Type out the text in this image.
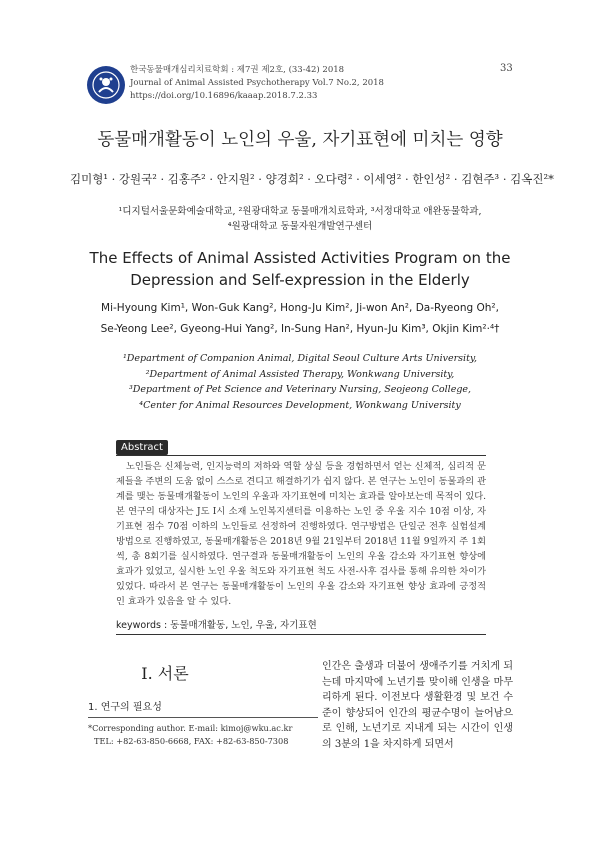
한국동물매개심리치료학회 : 제7권 제2호, (33-42) 2018
Journal of Animal Assisted Psychotherapy Vol.7 No.2, 2018
https://doi.org/10.16896/kaaap.2018.7.2.33
33
동물매개활동이 노인의 우울, 자기표현에 미치는 영향
김미형¹ · 강원국² · 김홍주² · 안지원² · 양경희² · 오다령² · 이세영² · 한인성² · 김현주³ · 김옥진²*
¹디지털서울문화예술대학교, ²원광대학교 동물매개치료학과, ³서정대학교 애완동물학과,
⁴원광대학교 동물자원개발연구센터
The Effects of Animal Assisted Activities Program on the
Depression and Self-expression in the Elderly
Mi-Hyoung Kim¹, Won-Guk Kang², Hong-Ju Kim², Ji-won An², Da-Ryeong Oh²,
Se-Yeong Lee², Gyeong-Hui Yang², In-Sung Han², Hyun-Ju Kim³, Okjin Kim²·⁴†
¹Department of Companion Animal, Digital Seoul Culture Arts University,
²Department of Animal Assisted Therapy, Wonkwang University,
³Department of Pet Science and Veterinary Nursing, Seojeong College,
⁴Center for Animal Resources Development, Wonkwang University
Abstract
노인들은 신체능력, 인지능력의 저하와 역할 상실 등을 경험하면서 얻는 신체적, 심리적 문제들을 주변의 도움 없이 스스로 견디고 해결하기가 쉽지 않다. 본 연구는 노인이 동물과의 관계를 맺는 동물매개활동이 노인의 우울과 자기표현에 미치는 효과를 알아보는데 목적이 있다. 본 연구의 대상자는 J도 I시 소재 노인복지센터를 이용하는 노인 중 우울 지수 10점 이상, 자기표현 점수 70점 이하의 노인들로 선정하여 진행하였다. 연구방법은 단일군 전후 실험설계 방법으로 진행하였고, 동물매개활동은 2018년 9월 21일부터 2018년 11월 9일까지 주 1회씩, 총 8회기를 실시하였다. 연구결과 동물매개활동이 노인의 우울 감소와 자기표현 향상에 효과가 있었고, 실시한 노인 우울 척도와 자기표현 척도 사전-사후 검사를 통해 유의한 차이가 있었다. 따라서 본 연구는 동물매개활동이 노인의 우울 감소와 자기표현 향상 효과에 긍정적인 효과가 있음을 알 수 있다.
keywords : 동물매개활동, 노인, 우울, 자기표현
Ⅰ. 서론
1. 연구의 필요성
*Corresponding author. E-mail: kimoj@wku.ac.kr
TEL: +82-63-850-6668, FAX: +82-63-850-7308
인간은 출생과 더불어 생애주기를 거치게 되는데 마지막에 노년기를 맞이해 인생을 마무리하게 된다. 이전보다 생활환경 및 보건 수준이 향상되어 인간의 평균수명이 늘어남으로 인해, 노년기로 지내게 되는 시간이 인생의 3분의 1을 차지하게 되면서
